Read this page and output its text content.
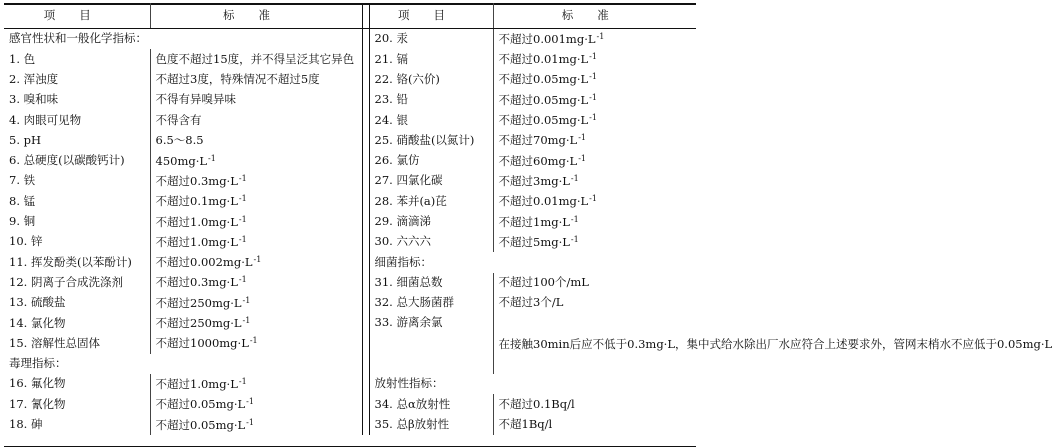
项目	标准		项目	标准
感官性状和一般化学指标：			20. 汞	不超过$0.001mg\cdot L^{-1}$
1. 色	色度不超过15度，并不得呈泛其它异色		21. 镉	不超过$0.01mg\cdot L^{-1}$
2. 浑浊度	不超过3度，特殊情况不超过5度		22. 铬(六价)	不超过$0.05mg\cdot L^{-1}$
3. 嗅和味	不得有异嗅异味		23. 铅	不超过$0.05mg\cdot L^{-1}$
4. 肉眼可见物	不得含有		24. 银	不超过$0.05mg\cdot L^{-1}$
5. pH	6.5～8.5		25. 硝酸盐(以氮计)	不超过$70mg\cdot L^{-1}$
6. 总硬度(以碳酸钙计)	$450mg\cdot L^{-1}$		26. 氯仿	不超过$60mg\cdot L^{-1}$
7. 铁	不超过$0.3mg\cdot L^{-1}$		27. 四氯化碳	不超过$3mg\cdot L^{-1}$
8. 锰	不超过$0.1mg\cdot L^{-1}$		28. 苯并(a)芘	不超过$0.01mg\cdot L^{-1}$
9. 铜	不超过$1.0mg\cdot L^{-1}$		29. 滴滴涕	不超过$1mg\cdot L^{-1}$
10. 锌	不超过$1.0mg\cdot L^{-1}$		30. 六六六	不超过$5mg\cdot L^{-1}$
11. 挥发酚类(以苯酚计)	不超过$0.002mg\cdot L^{-1}$		细菌指标：	
12. 阴离子合成洗涤剂	不超过$0.3mg\cdot L^{-1}$		31. 细菌总数	不超过100个/mL
13. 硫酸盐	不超过$250mg\cdot L^{-1}$		32. 总大肠菌群	不超过3个/L
14. 氯化物	不超过$250mg\cdot L^{-1}$		33. 游离余氯	在接触30min后应不低于0.3mg·L，集中式给水除出厂水应符合上述要求外，管网末梢水不应低于0.05mg·L
15. 溶解性总固体	不超过$1000mg\cdot L^{-1}$	
毒理指标：				
16. 氟化物	不超过$1.0mg\cdot L^{-1}$		放射性指标：	
17. 氰化物	不超过$0.05mg\cdot L^{-1}$		34. 总α放射性	不超过0.1Bq/l
18. 砷	不超过$0.05mg\cdot L^{-1}$		35. 总β放射性	不超1Bq/l
